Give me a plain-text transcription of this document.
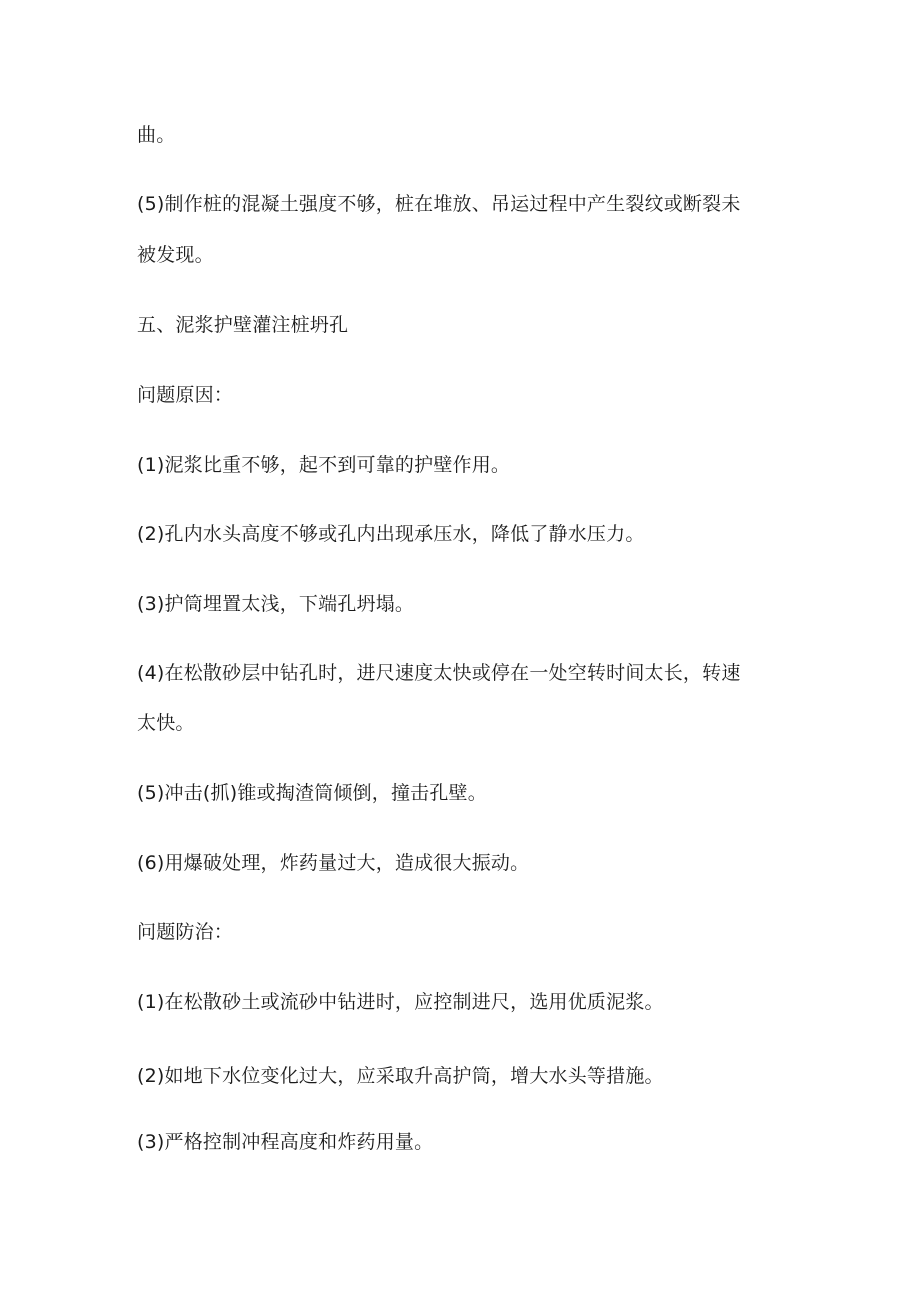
曲。

(5)制作桩的混凝土强度不够，桩在堆放、吊运过程中产生裂纹或断裂未

被发现。

五、泥浆护壁灌注桩坍孔

问题原因：

(1)泥浆比重不够，起不到可靠的护壁作用。

(2)孔内水头高度不够或孔内出现承压水，降低了静水压力。

(3)护筒埋置太浅，下端孔坍塌。

(4)在松散砂层中钻孔时，进尺速度太快或停在一处空转时间太长，转速

太快。

(5)冲击(抓)锥或掏渣筒倾倒，撞击孔壁。

(6)用爆破处理，炸药量过大，造成很大振动。

问题防治：

(1)在松散砂土或流砂中钻进时，应控制进尺，选用优质泥浆。

(2)如地下水位变化过大，应采取升高护筒，增大水头等措施。

(3)严格控制冲程高度和炸药用量。
